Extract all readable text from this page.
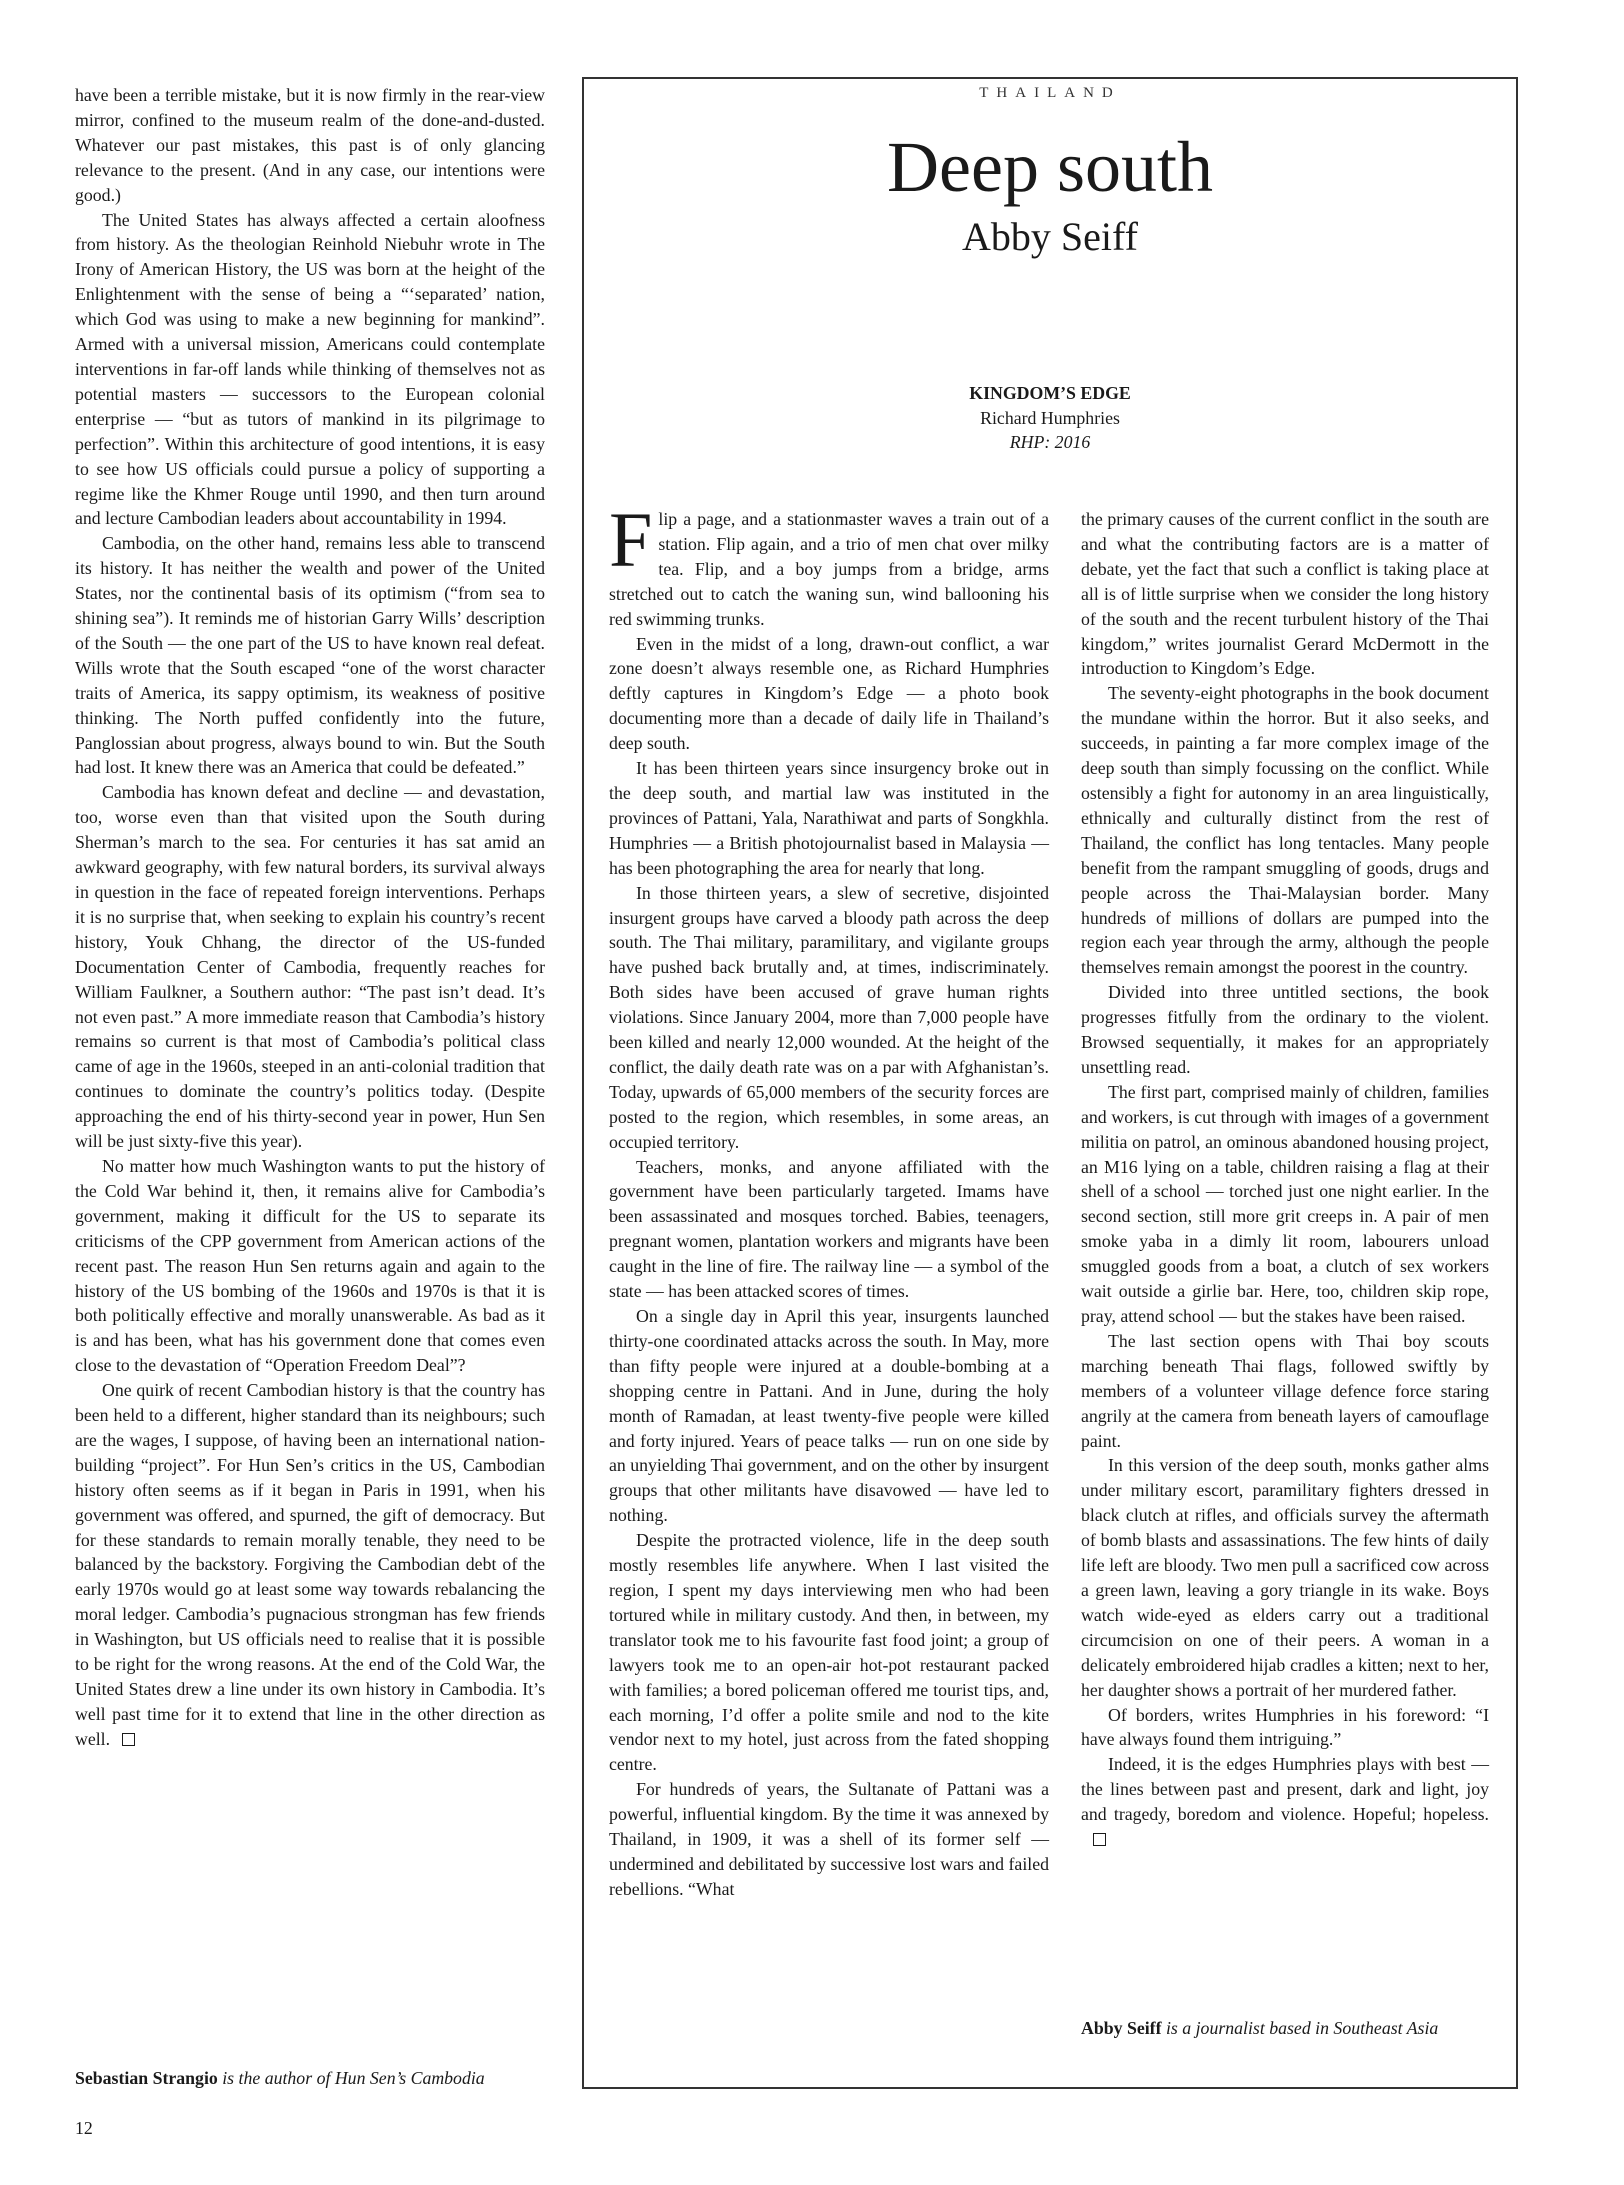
have been a terrible mistake, but it is now firmly in the rear-view mirror, confined to the museum realm of the done-and-dusted. Whatever our past mistakes, this past is of only glancing relevance to the present. (And in any case, our intentions were good.)

The United States has always affected a certain aloofness from history. As the theologian Reinhold Niebuhr wrote in The Irony of American History, the US was born at the height of the Enlightenment with the sense of being a “‘separated’ nation, which God was using to make a new beginning for mankind”. Armed with a universal mission, Americans could contemplate interventions in far-off lands while thinking of themselves not as potential masters — successors to the European colonial enterprise — “but as tutors of mankind in its pilgrimage to perfection”. Within this architecture of good intentions, it is easy to see how US officials could pursue a policy of supporting a regime like the Khmer Rouge until 1990, and then turn around and lecture Cambodian leaders about accountability in 1994.

Cambodia, on the other hand, remains less able to transcend its history. It has neither the wealth and power of the United States, nor the continental basis of its optimism (“from sea to shining sea”). It reminds me of historian Garry Wills’ description of the South — the one part of the US to have known real defeat. Wills wrote that the South escaped “one of the worst character traits of America, its sappy optimism, its weakness of positive thinking. The North puffed confidently into the future, Panglossian about progress, always bound to win. But the South had lost. It knew there was an America that could be defeated.”

Cambodia has known defeat and decline — and devastation, too, worse even than that visited upon the South during Sherman’s march to the sea. For centuries it has sat amid an awkward geography, with few natural borders, its survival always in question in the face of repeated foreign interventions. Perhaps it is no surprise that, when seeking to explain his country’s recent history, Youk Chhang, the director of the US-funded Documentation Center of Cambodia, frequently reaches for William Faulkner, a Southern author: “The past isn’t dead. It’s not even past.” A more immediate reason that Cambodia’s history remains so current is that most of Cambodia’s political class came of age in the 1960s, steeped in an anti-colonial tradition that continues to dominate the country’s politics today. (Despite approaching the end of his thirty-second year in power, Hun Sen will be just sixty-five this year).

No matter how much Washington wants to put the history of the Cold War behind it, then, it remains alive for Cambodia’s government, making it difficult for the US to separate its criticisms of the CPP government from American actions of the recent past. The reason Hun Sen returns again and again to the history of the US bombing of the 1960s and 1970s is that it is both politically effective and morally unanswerable. As bad as it is and has been, what has his government done that comes even close to the devastation of “Operation Freedom Deal”?

One quirk of recent Cambodian history is that the country has been held to a different, higher standard than its neighbours; such are the wages, I suppose, of having been an international nation-building “project”. For Hun Sen’s critics in the US, Cambodian history often seems as if it began in Paris in 1991, when his government was offered, and spurned, the gift of democracy. But for these standards to remain morally tenable, they need to be balanced by the backstory. Forgiving the Cambodian debt of the early 1970s would go at least some way towards rebalancing the moral ledger. Cambodia’s pugnacious strongman has few friends in Washington, but US officials need to realise that it is possible to be right for the wrong reasons. At the end of the Cold War, the United States drew a line under its own history in Cambodia. It’s well past time for it to extend that line in the other direction as well.

Sebastian Strangio is the author of Hun Sen’s Cambodia
12
THAILAND
Deep south
Abby Seiff
KINGDOM’S EDGE
Richard Humphries
RHP: 2016

Flip a page, and a stationmaster waves a train out of a station. Flip again, and a trio of men chat over milky tea. Flip, and a boy jumps from a bridge, arms stretched out to catch the waning sun, wind ballooning his red swimming trunks.

Even in the midst of a long, drawn-out conflict, a war zone doesn’t always resemble one, as Richard Humphries deftly captures in Kingdom’s Edge — a photo book documenting more than a decade of daily life in Thailand’s deep south.

It has been thirteen years since insurgency broke out in the deep south, and martial law was instituted in the provinces of Pattani, Yala, Narathiwat and parts of Songkhla. Humphries — a British photojournalist based in Malaysia — has been photographing the area for nearly that long.

In those thirteen years, a slew of secretive, disjointed insurgent groups have carved a bloody path across the deep south. The Thai military, paramilitary, and vigilante groups have pushed back brutally and, at times, indiscriminately. Both sides have been accused of grave human rights violations. Since January 2004, more than 7,000 people have been killed and nearly 12,000 wounded. At the height of the conflict, the daily death rate was on a par with Afghanistan’s. Today, upwards of 65,000 members of the security forces are posted to the region, which resembles, in some areas, an occupied territory.

Teachers, monks, and anyone affiliated with the government have been particularly targeted. Imams have been assassinated and mosques torched. Babies, teenagers, pregnant women, plantation workers and migrants have been caught in the line of fire. The railway line — a symbol of the state — has been attacked scores of times.

On a single day in April this year, insurgents launched thirty-one coordinated attacks across the south. In May, more than fifty people were injured at a double-bombing at a shopping centre in Pattani. And in June, during the holy month of Ramadan, at least twenty-five people were killed and forty injured. Years of peace talks — run on one side by an unyielding Thai government, and on the other by insurgent groups that other militants have disavowed — have led to nothing.

Despite the protracted violence, life in the deep south mostly resembles life anywhere. When I last visited the region, I spent my days interviewing men who had been tortured while in military custody. And then, in between, my translator took me to his favourite fast food joint; a group of lawyers took me to an open-air hot-pot restaurant packed with families; a bored policeman offered me tourist tips, and, each morning, I’d offer a polite smile and nod to the kite vendor next to my hotel, just across from the fated shopping centre.

For hundreds of years, the Sultanate of Pattani was a powerful, influential kingdom. By the time it was annexed by Thailand, in 1909, it was a shell of its former self — undermined and debilitated by successive lost wars and failed rebellions. “What

the primary causes of the current conflict in the south are and what the contributing factors are is a matter of debate, yet the fact that such a conflict is taking place at all is of little surprise when we consider the long history of the south and the recent turbulent history of the Thai kingdom,” writes journalist Gerard McDermott in the introduction to Kingdom’s Edge.

The seventy-eight photographs in the book document the mundane within the horror. But it also seeks, and succeeds, in painting a far more complex image of the deep south than simply focussing on the conflict. While ostensibly a fight for autonomy in an area linguistically, ethnically and culturally distinct from the rest of Thailand, the conflict has long tentacles. Many people benefit from the rampant smuggling of goods, drugs and people across the Thai-Malaysian border. Many hundreds of millions of dollars are pumped into the region each year through the army, although the people themselves remain amongst the poorest in the country.

Divided into three untitled sections, the book progresses fitfully from the ordinary to the violent. Browsed sequentially, it makes for an appropriately unsettling read.

The first part, comprised mainly of children, families and workers, is cut through with images of a government militia on patrol, an ominous abandoned housing project, an M16 lying on a table, children raising a flag at their shell of a school — torched just one night earlier. In the second section, still more grit creeps in. A pair of men smoke yaba in a dimly lit room, labourers unload smuggled goods from a boat, a clutch of sex workers wait outside a girlie bar. Here, too, children skip rope, pray, attend school — but the stakes have been raised.

The last section opens with Thai boy scouts marching beneath Thai flags, followed swiftly by members of a volunteer village defence force staring angrily at the camera from beneath layers of camouflage paint.

In this version of the deep south, monks gather alms under military escort, paramilitary fighters dressed in black clutch at rifles, and officials survey the aftermath of bomb blasts and assassinations. The few hints of daily life left are bloody. Two men pull a sacrificed cow across a green lawn, leaving a gory triangle in its wake. Boys watch wide-eyed as elders carry out a traditional circumcision on one of their peers. A woman in a delicately embroidered hijab cradles a kitten; next to her, her daughter shows a portrait of her murdered father.

Of borders, writes Humphries in his foreword: “I have always found them intriguing.”

Indeed, it is the edges Humphries plays with best — the lines between past and present, dark and light, joy and tragedy, boredom and violence. Hopeful; hopeless.

Abby Seiff is a journalist based in Southeast Asia
